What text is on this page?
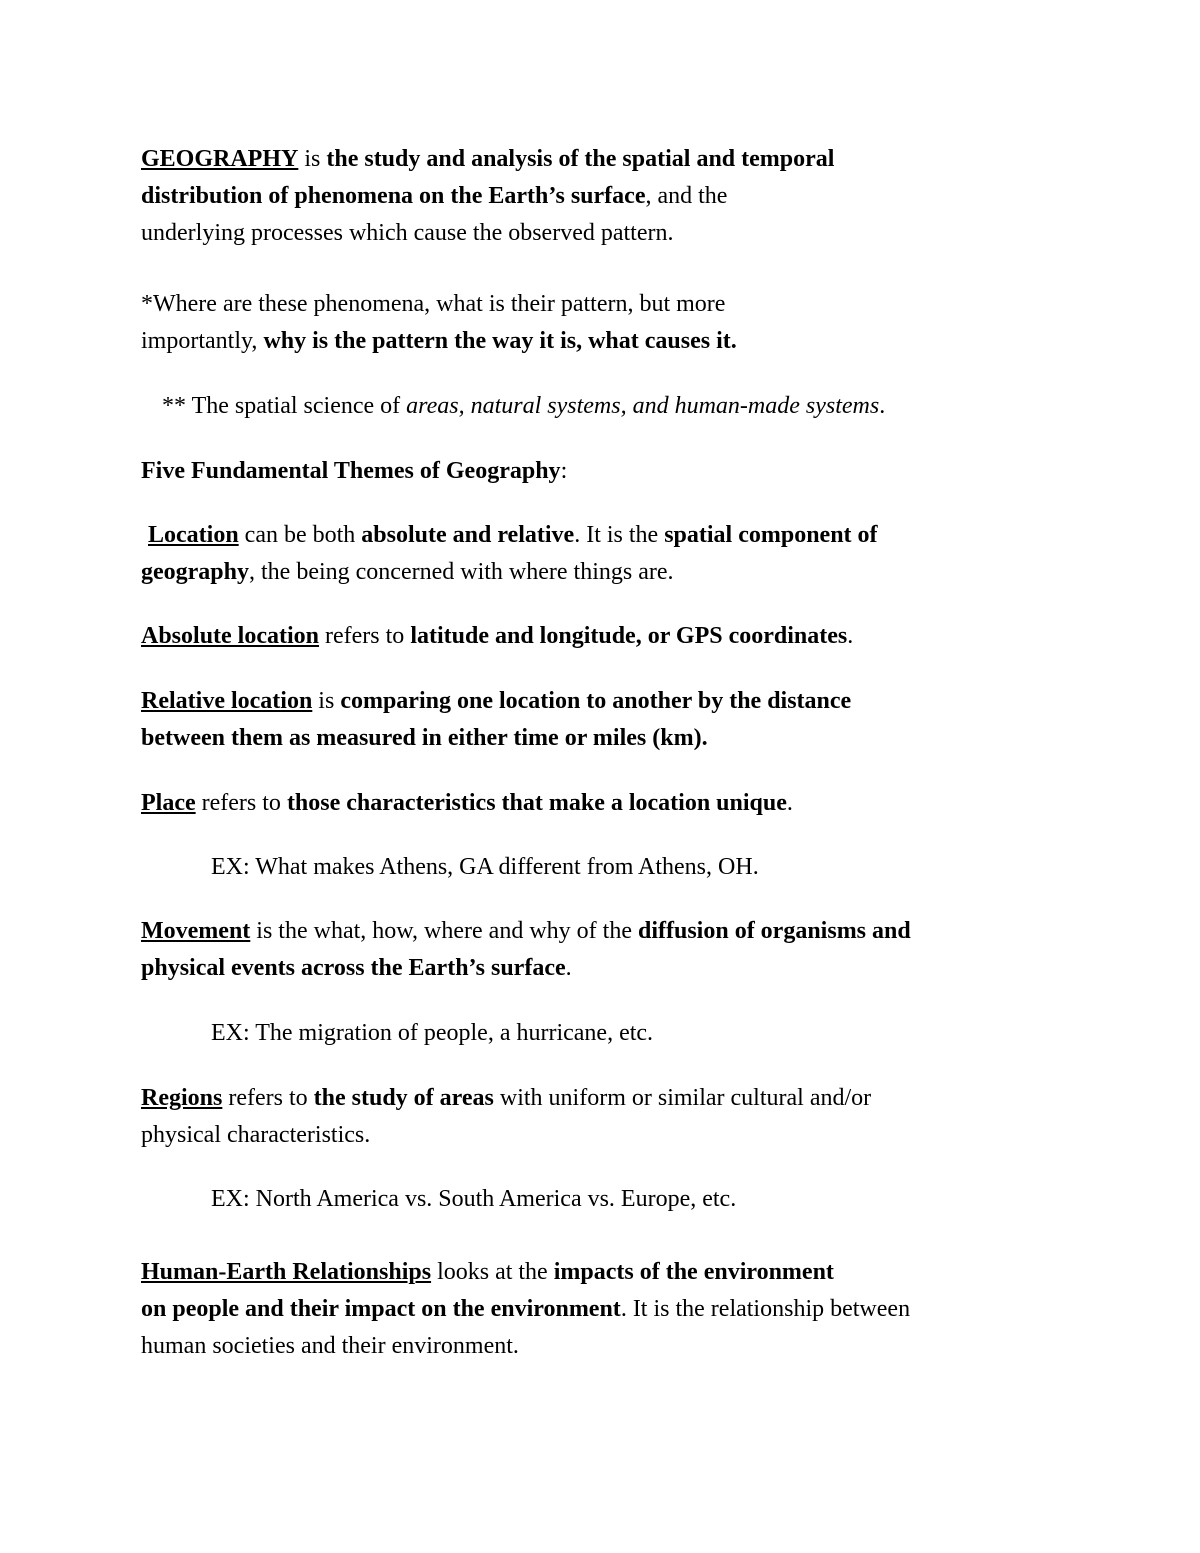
GEOGRAPHY is the study and analysis of the spatial and temporal
distribution of phenomena on the Earth’s surface, and the
underlying processes which cause the observed pattern.
*Where are these phenomena, what is their pattern, but more
importantly, why is the pattern the way it is, what causes it.
** The spatial science of areas, natural systems, and human-made systems.
Five Fundamental Themes of Geography:
Location can be both absolute and relative. It is the spatial component of
geography, the being concerned with where things are.
Absolute location refers to latitude and longitude, or GPS coordinates.
Relative location is comparing one location to another by the distance
between them as measured in either time or miles (km).
Place refers to those characteristics that make a location unique.
EX: What makes Athens, GA different from Athens, OH.
Movement is the what, how, where and why of the diffusion of organisms and
physical events across the Earth’s surface.
EX: The migration of people, a hurricane, etc.
Regions refers to the study of areas with uniform or similar cultural and/or
physical characteristics.
EX: North America vs. South America vs. Europe, etc.
Human-Earth Relationships looks at the impacts of the environment
on people and their impact on the environment. It is the relationship between
human societies and their environment.
